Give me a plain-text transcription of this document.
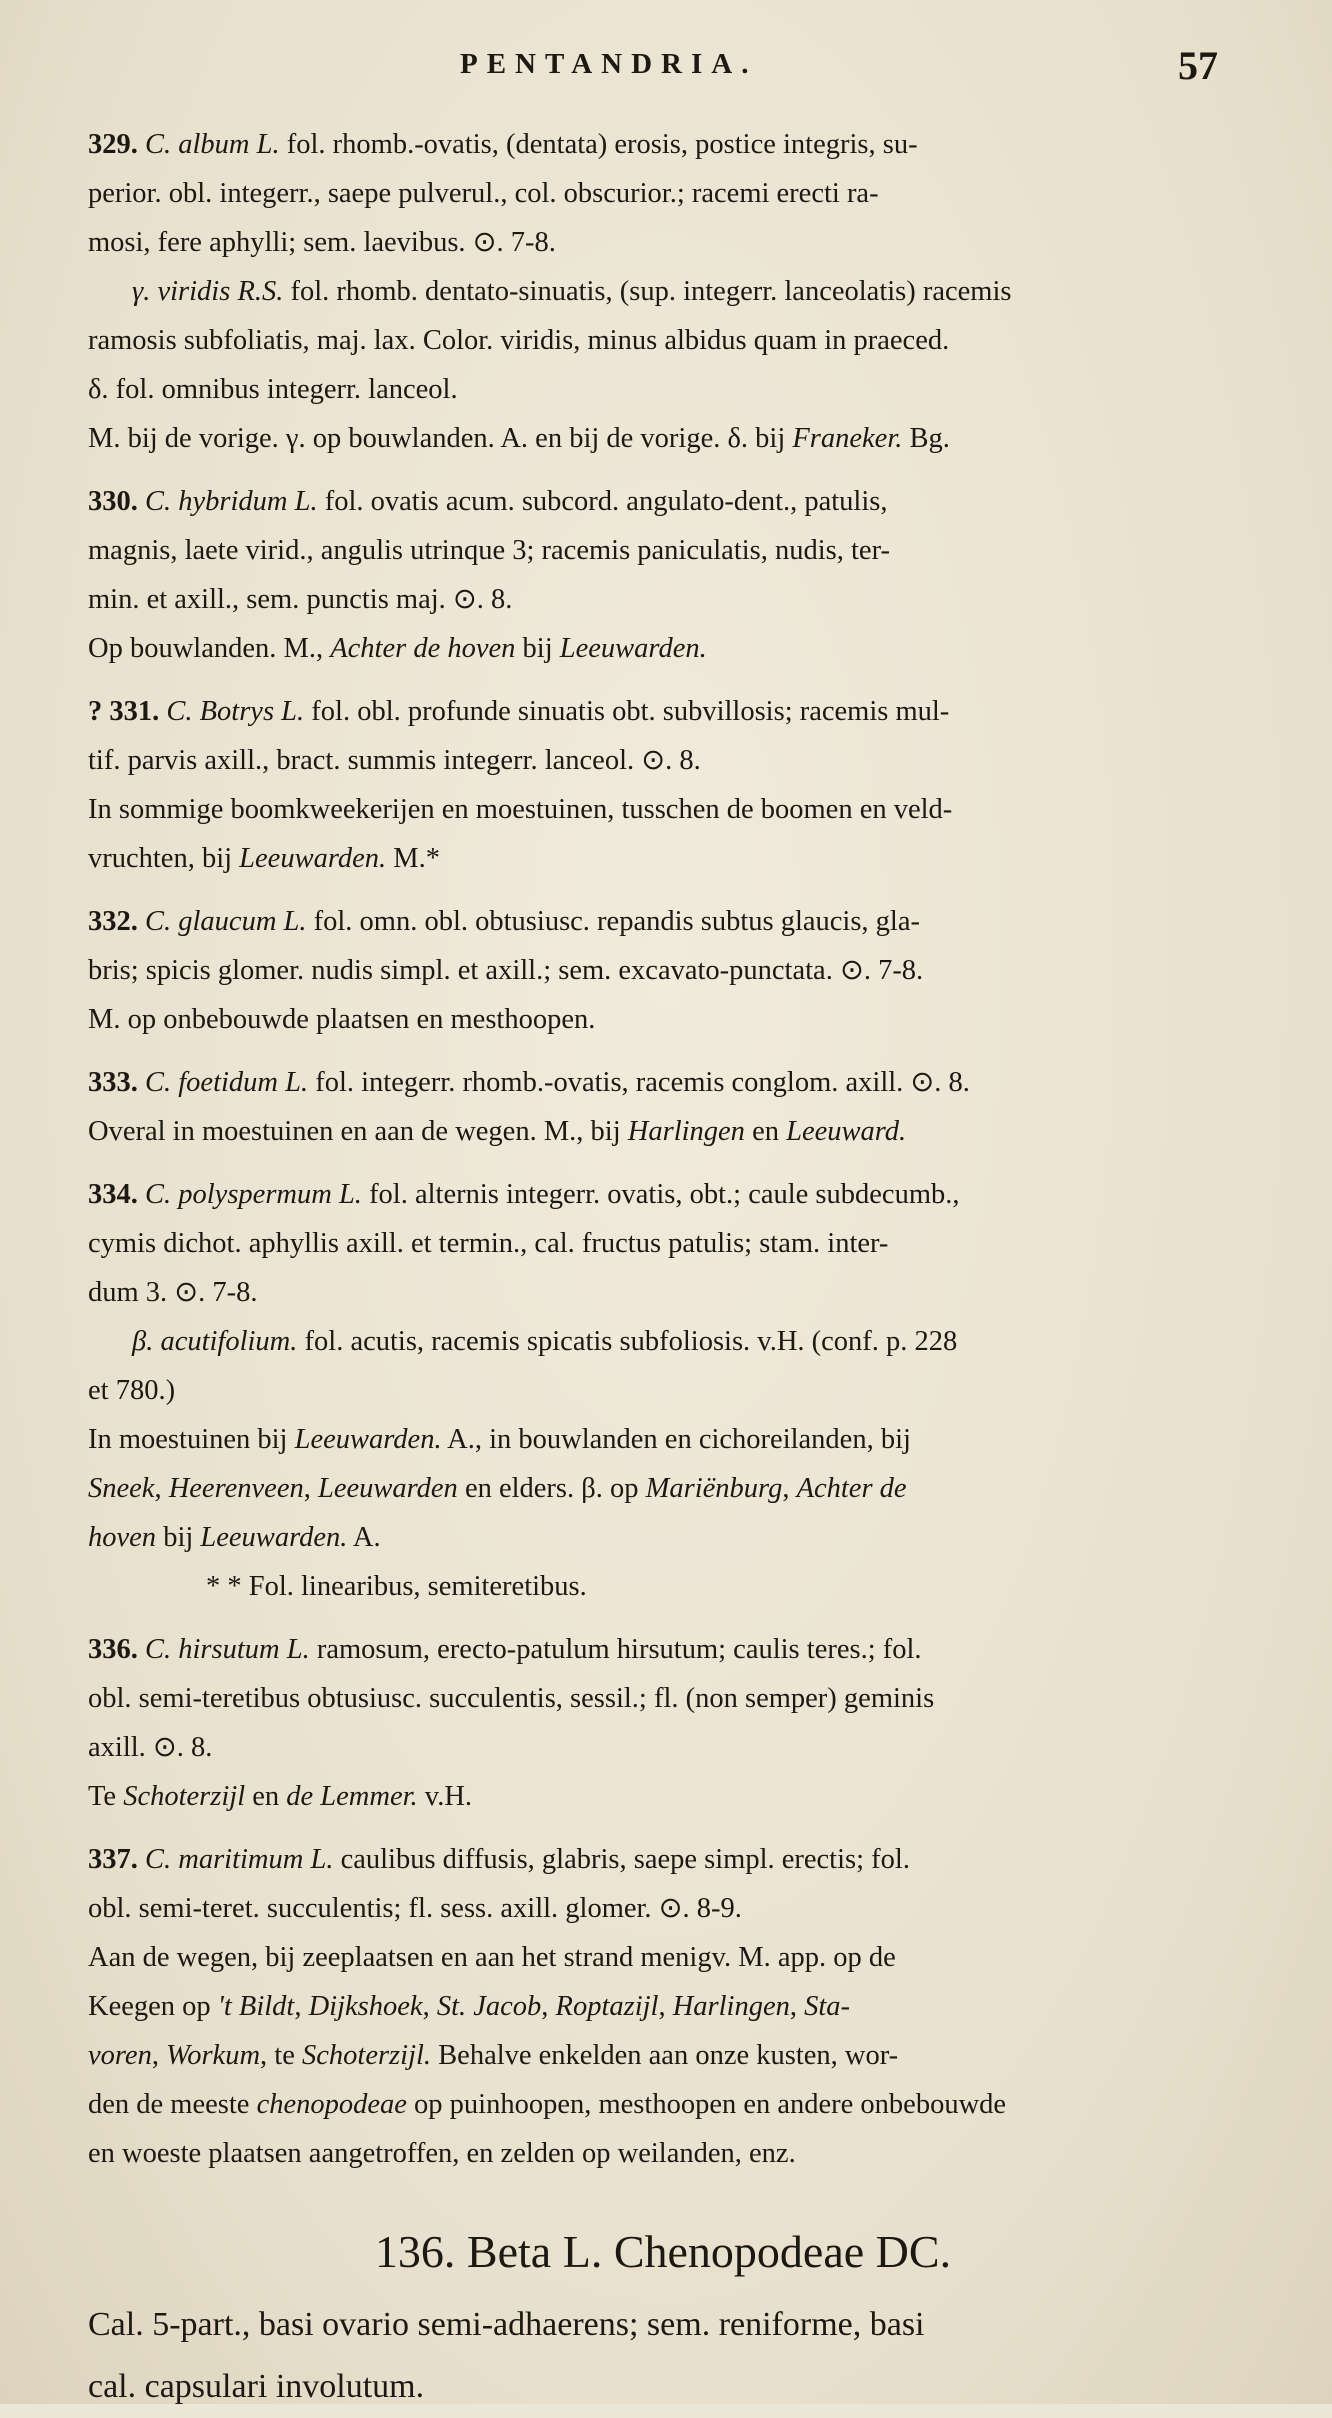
PENTANDRIA.	57
329. C. album L. fol. rhomb.-ovatis, (dentata) erosis, postice integris, su-
perior. obl. integerr., saepe pulverul., col. obscurior.; racemi erecti ra-
mosi, fere aphylli; sem. laevibus. ⊙. 7-8.
γ. viridis R.S. fol. rhomb. dentato-sinuatis, (sup. integerr. lanceolatis) racemis
ramosis subfoliatis, maj. lax. Color. viridis, minus albidus quam in praeced.
δ. fol. omnibus integerr. lanceol.
M. bij de vorige. γ. op bouwlanden. A. en bij de vorige. δ. bij Franeker. Bg.
330. C. hybridum L. fol. ovatis acum. subcord. angulato-dent., patulis,
magnis, laete virid., angulis utrinque 3; racemis paniculatis, nudis, ter-
min. et axill., sem. punctis maj. ⊙. 8.
Op bouwlanden. M., Achter de hoven bij Leeuwarden.
? 331. C. Botrys L. fol. obl. profunde sinuatis obt. subvillosis; racemis mul-
tif. parvis axill., bract. summis integerr. lanceol. ⊙. 8.
In sommige boomkweekerijen en moestuinen, tusschen de boomen en veld-
vruchten, bij Leeuwarden. M.*
332. C. glaucum L. fol. omn. obl. obtusiusc. repandis subtus glaucis, gla-
bris; spicis glomer. nudis simpl. et axill.; sem. excavato-punctata. ⊙. 7-8.
M. op onbebouwde plaatsen en mesthoopen.
333. C. foetidum L. fol. integerr. rhomb.-ovatis, racemis conglom. axill. ⊙. 8.
Overal in moestuinen en aan de wegen. M., bij Harlingen en Leeuward.
334. C. polyspermum L. fol. alternis integerr. ovatis, obt.; caule subdecumb.,
cymis dichot. aphyllis axill. et termin., cal. fructus patulis; stam. inter-
dum 3. ⊙. 7-8.
β. acutifolium. fol. acutis, racemis spicatis subfoliosis. v.H. (conf. p. 228
et 780.)
In moestuinen bij Leeuwarden. A., in bouwlanden en cichoreilanden, bij
Sneek, Heerenveen, Leeuwarden en elders. β. op Mariënburg, Achter de
hoven bij Leeuwarden. A.
* * Fol. linearibus, semiteretibus.
336. C. hirsutum L. ramosum, erecto-patulum hirsutum; caulis teres.; fol.
obl. semi-teretibus obtusiusc. succulentis, sessil.; fl. (non semper) geminis
axill. ⊙. 8.
Te Schoterzijl en de Lemmer. v.H.
337. C. maritimum L. caulibus diffusis, glabris, saepe simpl. erectis; fol.
obl. semi-teret. succulentis; fl. sess. axill. glomer. ⊙. 8-9.
Aan de wegen, bij zeeplaatsen en aan het strand menigv. M. app. op de
Keegen op 't Bildt, Dijkshoek, St. Jacob, Roptazijl, Harlingen, Sta-
voren, Workum, te Schoterzijl. Behalve enkelden aan onze kusten, wor-
den de meeste chenopodeae op puinhoopen, mesthoopen en andere onbebouwde
en woeste plaatsen aangetroffen, en zelden op weilanden, enz.
136. Beta L. Chenopodeae DC.
Cal. 5-part., basi ovario semi-adhaerens; sem. reniforme, basi
cal. capsulari involutum.
